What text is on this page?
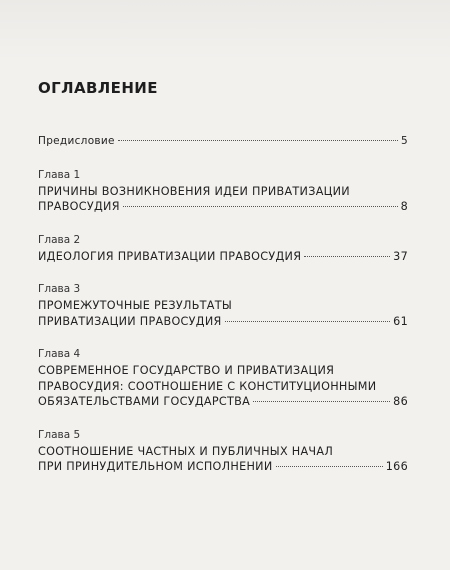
ОГЛАВЛЕНИЕ
Предисловие	5
Глава 1
ПРИЧИНЫ ВОЗНИКНОВЕНИЯ ИДЕИ ПРИВАТИЗАЦИИ
ПРАВОСУДИЯ	8
Глава 2
ИДЕОЛОГИЯ ПРИВАТИЗАЦИИ ПРАВОСУДИЯ	37
Глава 3
ПРОМЕЖУТОЧНЫЕ РЕЗУЛЬТАТЫ
ПРИВАТИЗАЦИИ ПРАВОСУДИЯ	61
Глава 4
СОВРЕМЕННОЕ ГОСУДАРСТВО И ПРИВАТИЗАЦИЯ
ПРАВОСУДИЯ: СООТНОШЕНИЕ С КОНСТИТУЦИОННЫМИ
ОБЯЗАТЕЛЬСТВАМИ ГОСУДАРСТВА	86
Глава 5
СООТНОШЕНИЕ ЧАСТНЫХ И ПУБЛИЧНЫХ НАЧАЛ
ПРИ ПРИНУДИТЕЛЬНОМ ИСПОЛНЕНИИ	166
